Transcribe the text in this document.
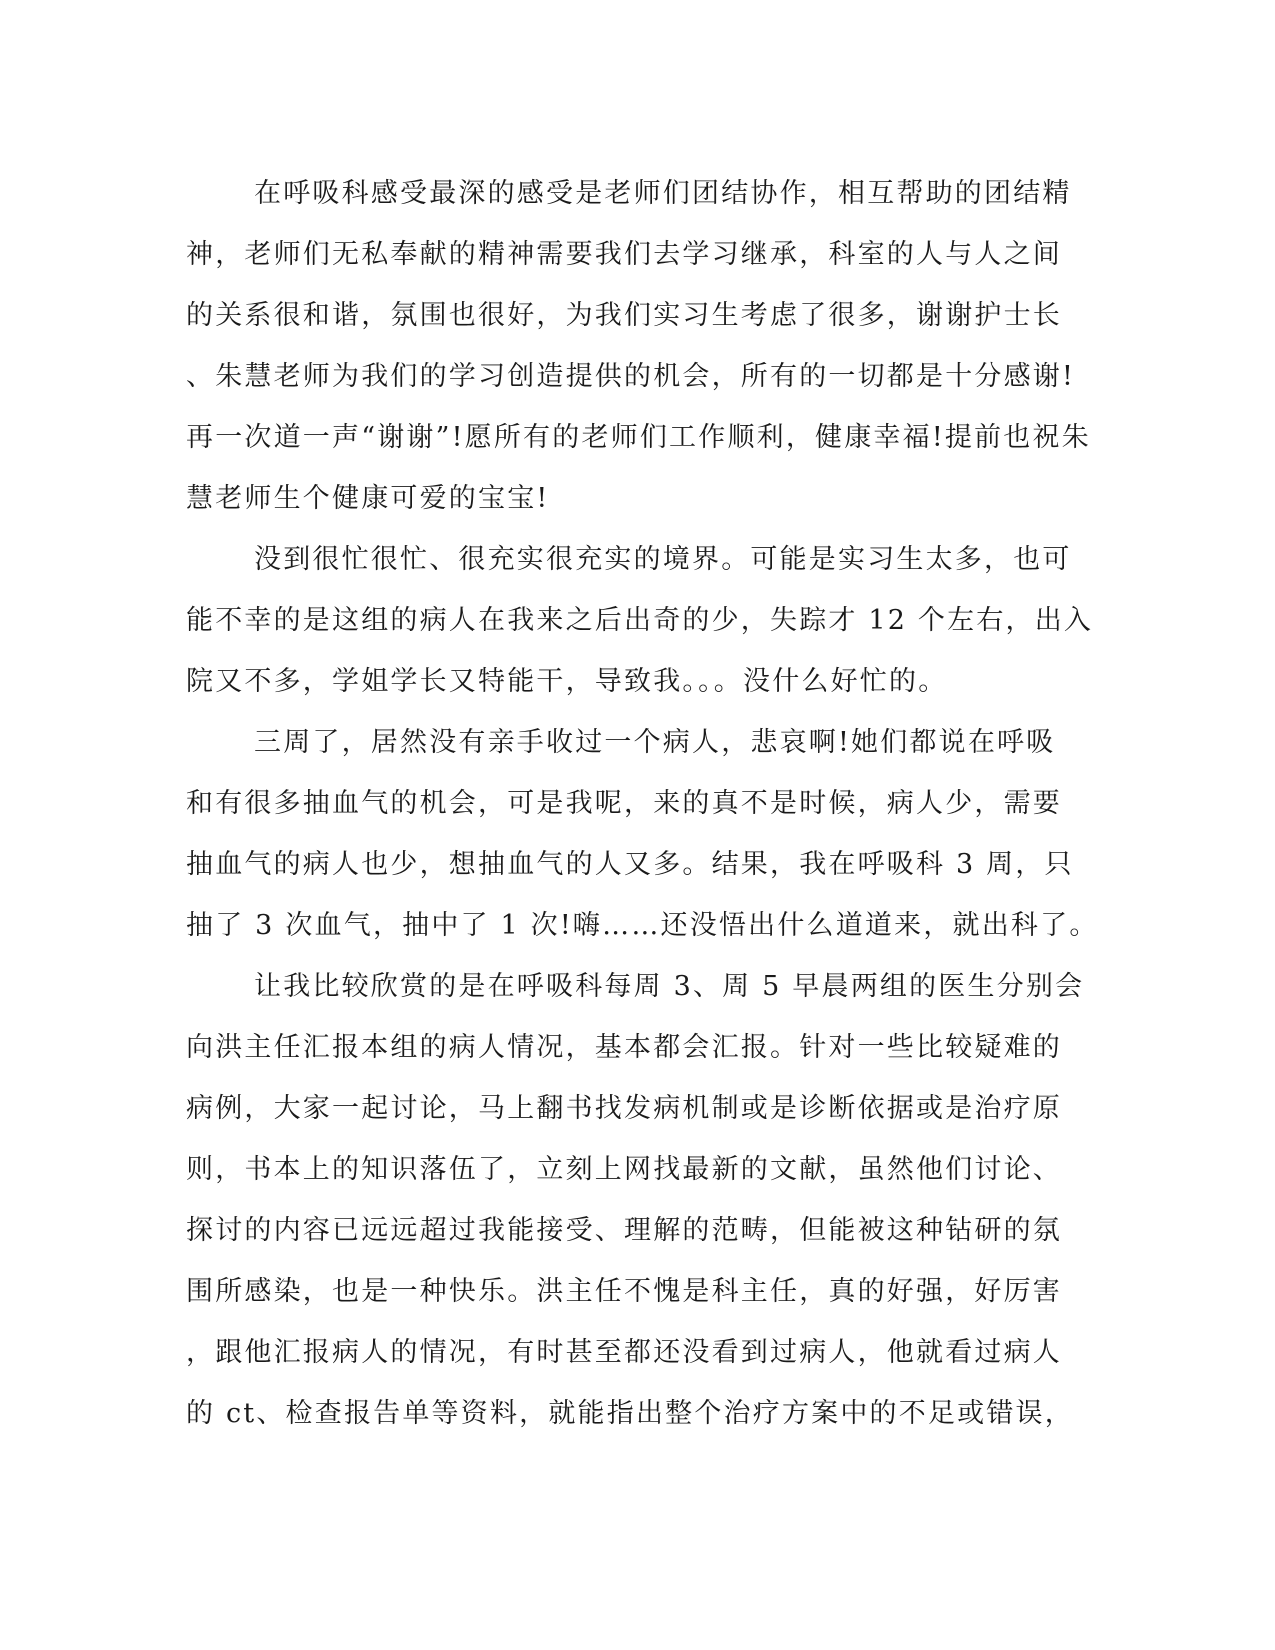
在呼吸科感受最深的感受是老师们团结协作，相互帮助的团结精
神，老师们无私奉献的精神需要我们去学习继承，科室的人与人之间
的关系很和谐，氛围也很好，为我们实习生考虑了很多，谢谢护士长
、朱慧老师为我们的学习创造提供的机会，所有的一切都是十分感谢!
再一次道一声“谢谢”!愿所有的老师们工作顺利，健康幸福!提前也祝朱
慧老师生个健康可爱的宝宝!
没到很忙很忙、很充实很充实的境界。可能是实习生太多，也可
能不幸的是这组的病人在我来之后出奇的少，失踪才 12 个左右，出入
院又不多，学姐学长又特能干，导致我。。。没什么好忙的。
三周了，居然没有亲手收过一个病人，悲哀啊!她们都说在呼吸
和有很多抽血气的机会，可是我呢，来的真不是时候，病人少，需要
抽血气的病人也少，想抽血气的人又多。结果，我在呼吸科 3 周，只
抽了 3 次血气，抽中了 1 次!嗨……还没悟出什么道道来，就出科了。
让我比较欣赏的是在呼吸科每周 3、周 5 早晨两组的医生分别会
向洪主任汇报本组的病人情况，基本都会汇报。针对一些比较疑难的
病例，大家一起讨论，马上翻书找发病机制或是诊断依据或是治疗原
则，书本上的知识落伍了，立刻上网找最新的文献，虽然他们讨论、
探讨的内容已远远超过我能接受、理解的范畴，但能被这种钻研的氛
围所感染，也是一种快乐。洪主任不愧是科主任，真的好强，好厉害
，跟他汇报病人的情况，有时甚至都还没看到过病人，他就看过病人
的 ct、检查报告单等资料，就能指出整个治疗方案中的不足或错误，
